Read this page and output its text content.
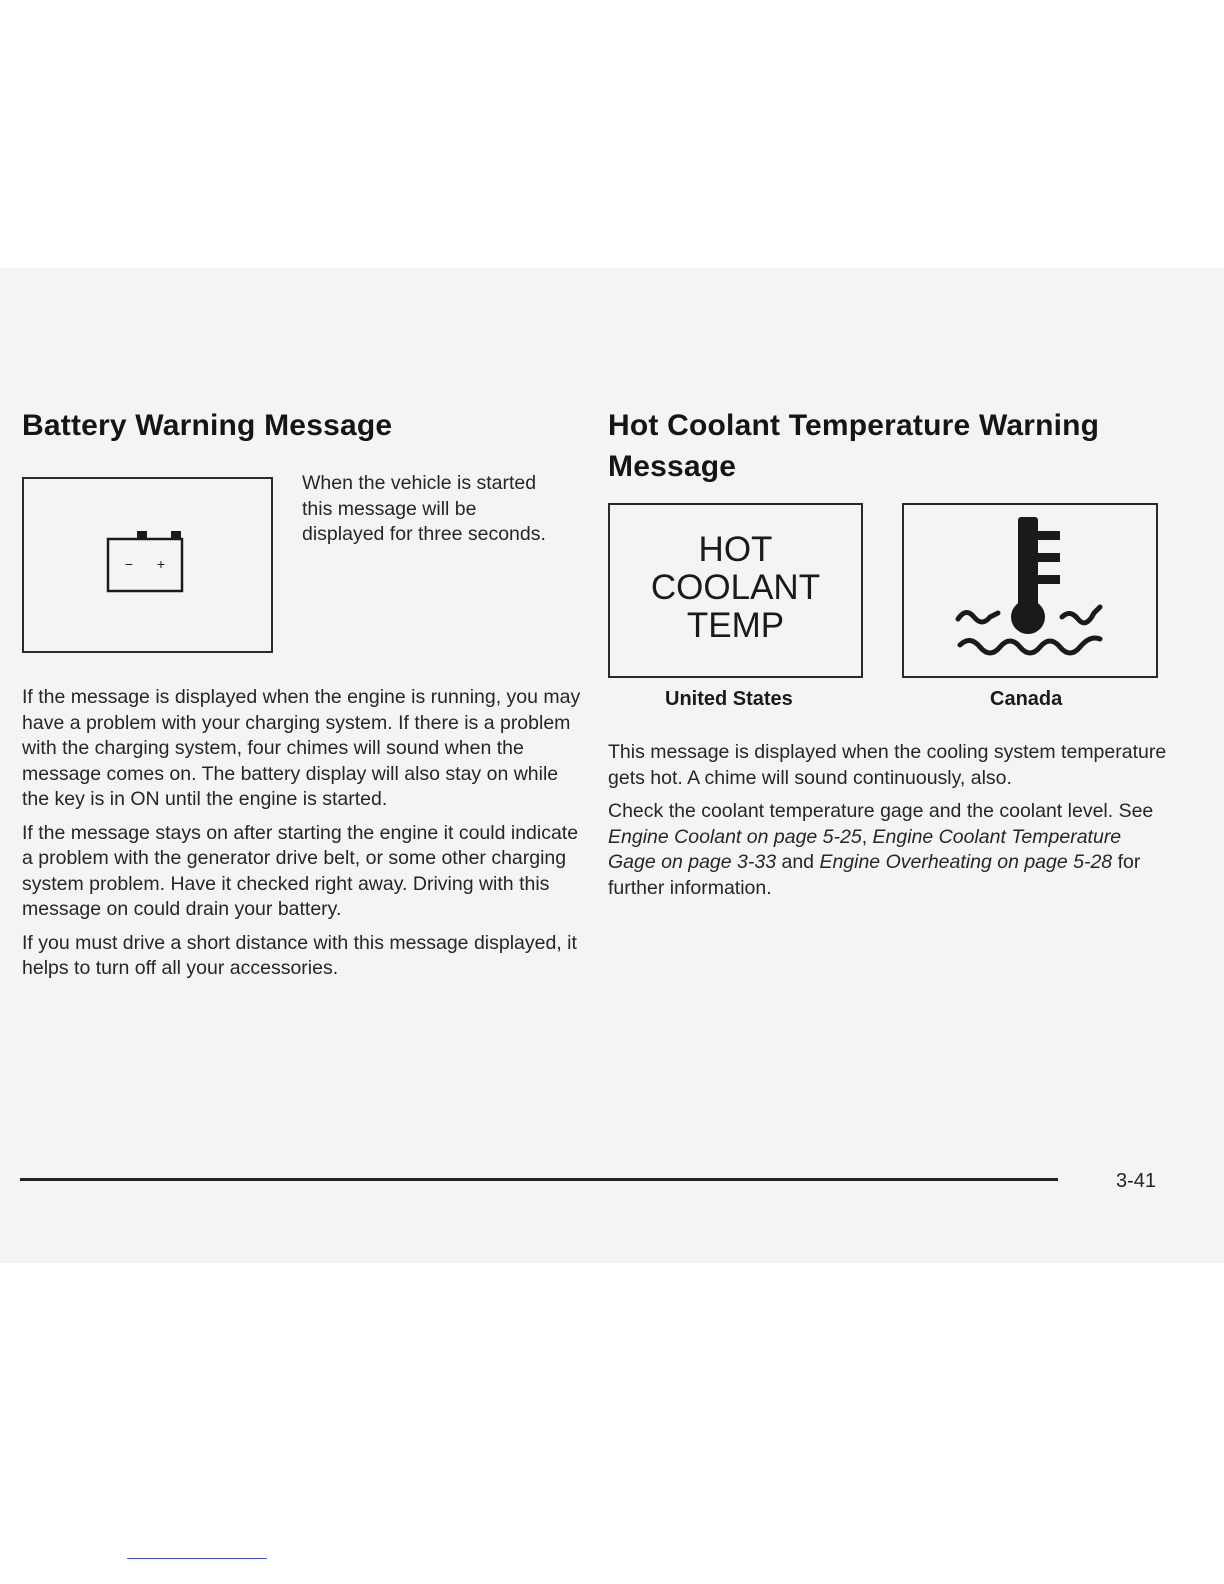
Battery Warning Message
− +

When the vehicle is started this message will be displayed for three seconds.

If the message is displayed when the engine is running, you may have a problem with your charging system. If there is a problem with the charging system, four chimes will sound when the message comes on. The battery display will also stay on while the key is in ON until the engine is started.

If the message stays on after starting the engine it could indicate a problem with the generator drive belt, or some other charging system problem. Have it checked right away. Driving with this message on could drain your battery.

If you must drive a short distance with this message displayed, it helps to turn off all your accessories.

Hot Coolant Temperature Warning Message
HOT
COOLANT
TEMP
United States	Canada

This message is displayed when the cooling system temperature gets hot. A chime will sound continuously, also.

Check the coolant temperature gage and the coolant level. See Engine Coolant on page 5-25, Engine Coolant Temperature Gage on page 3-33 and Engine Overheating on page 5-28 for further information.

3-41
